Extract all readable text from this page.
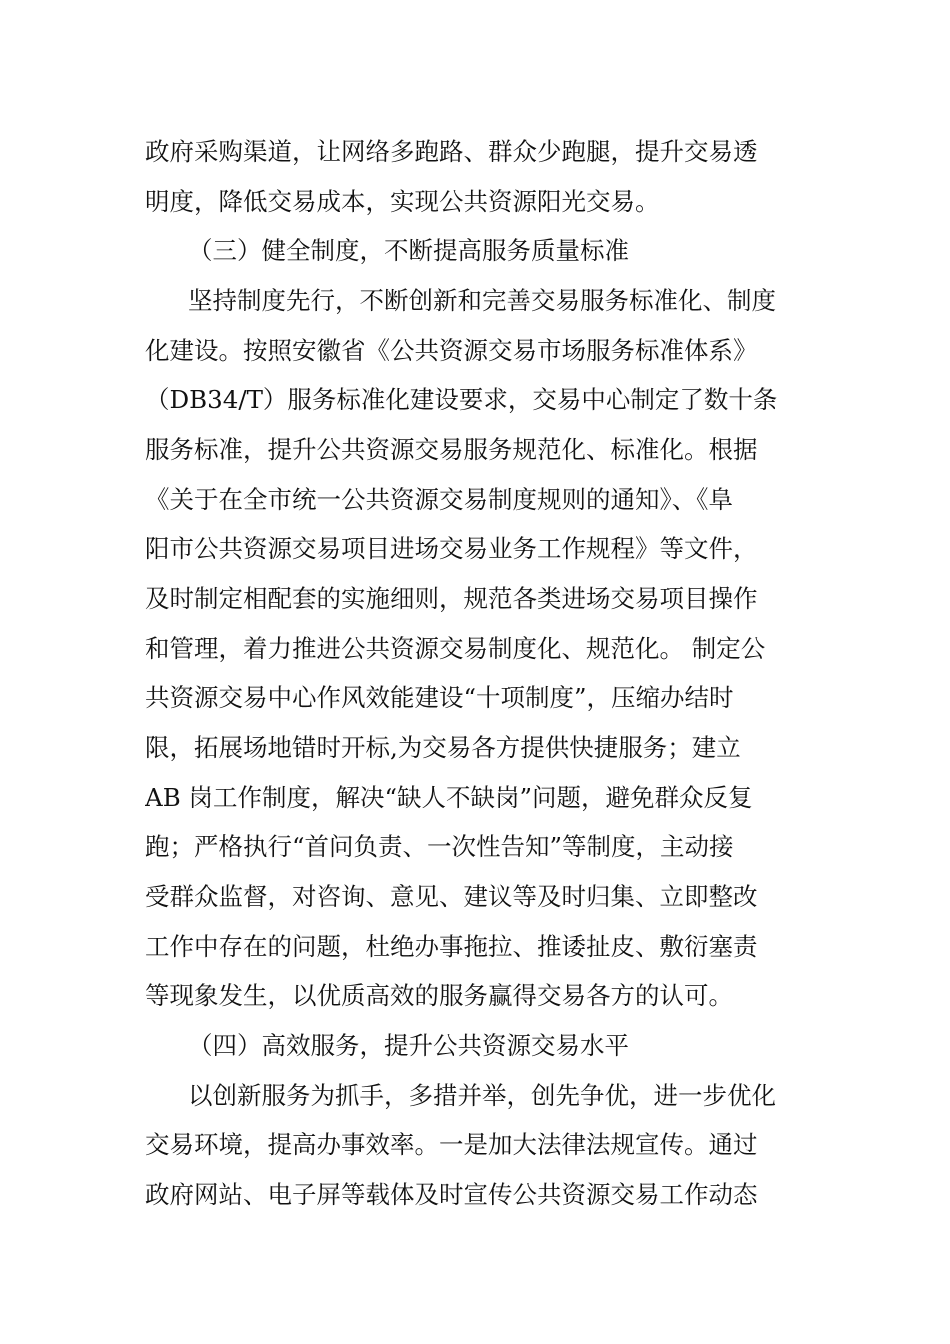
政府采购渠道，让网络多跑路、群众少跑腿，提升交易透
明度，降低交易成本，实现公共资源阳光交易。
（三）健全制度，不断提高服务质量标准
坚持制度先行，不断创新和完善交易服务标准化、制度
化建设。按照安徽省《公共资源交易市场服务标准体系》
（DB34/T）服务标准化建设要求，交易中心制定了数十条
服务标准，提升公共资源交易服务规范化、标准化。根据
《关于在全市统一公共资源交易制度规则的通知》、《阜
阳市公共资源交易项目进场交易业务工作规程》等文件，
及时制定相配套的实施细则，规范各类进场交易项目操作
和管理，着力推进公共资源交易制度化、规范化。 制定公
共资源交易中心作风效能建设“十项制度”，压缩办结时
限，拓展场地错时开标,为交易各方提供快捷服务；建立
AB 岗工作制度，解决“缺人不缺岗”问题，避免群众反复
跑；严格执行“首问负责、一次性告知”等制度，主动接
受群众监督，对咨询、意见、建议等及时归集、立即整改
工作中存在的问题，杜绝办事拖拉、推诿扯皮、敷衍塞责
等现象发生，以优质高效的服务赢得交易各方的认可。
（四）高效服务，提升公共资源交易水平
以创新服务为抓手，多措并举，创先争优，进一步优化
交易环境，提高办事效率。一是加大法律法规宣传。通过
政府网站、电子屏等载体及时宣传公共资源交易工作动态
